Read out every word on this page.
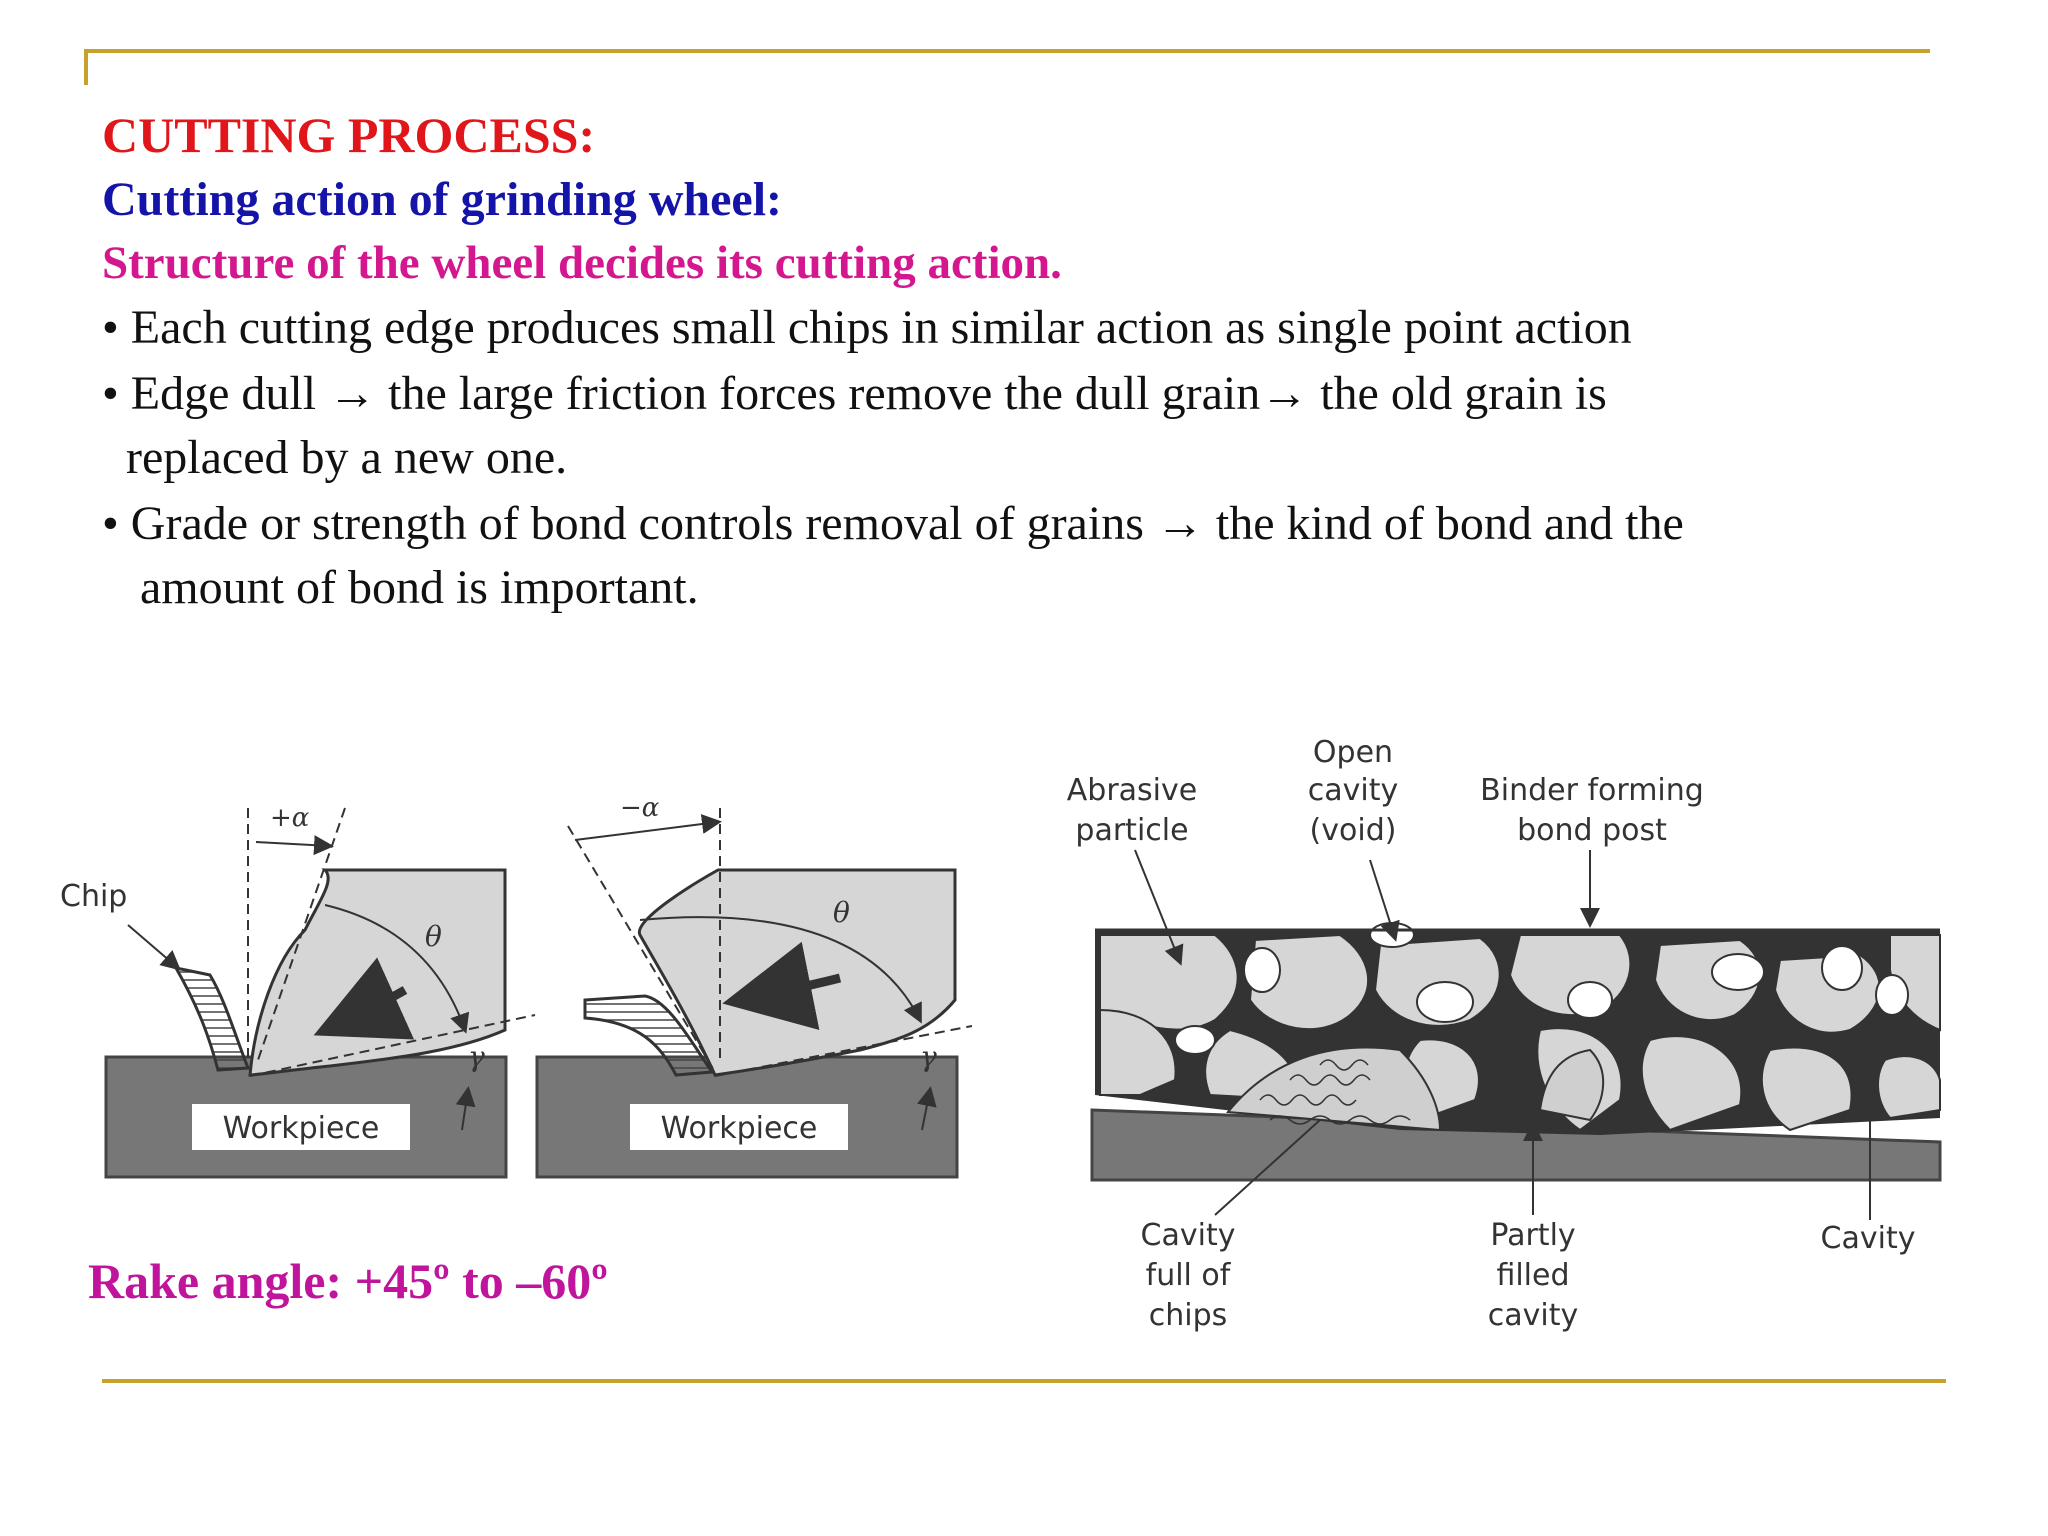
CUTTING PROCESS:
Cutting action of grinding wheel:
Structure of the wheel decides its cutting action.
• Each cutting edge produces small chips in similar action as single point action
• Edge dull → the large friction forces remove the dull grain→ the old grain is
replaced by a new one.
• Grade or strength of bond controls removal of grains → the kind of bond and the
amount of bond is important.
Workpiece
Chip
+α
θ
γ
Workpiece
−α
θ
γ
Abrasive
particle
Open
cavity
(void)
Binder forming
bond post
Cavity
full of
chips
Partly
filled
cavity
Cavity
Rake angle: +45º to –60º
